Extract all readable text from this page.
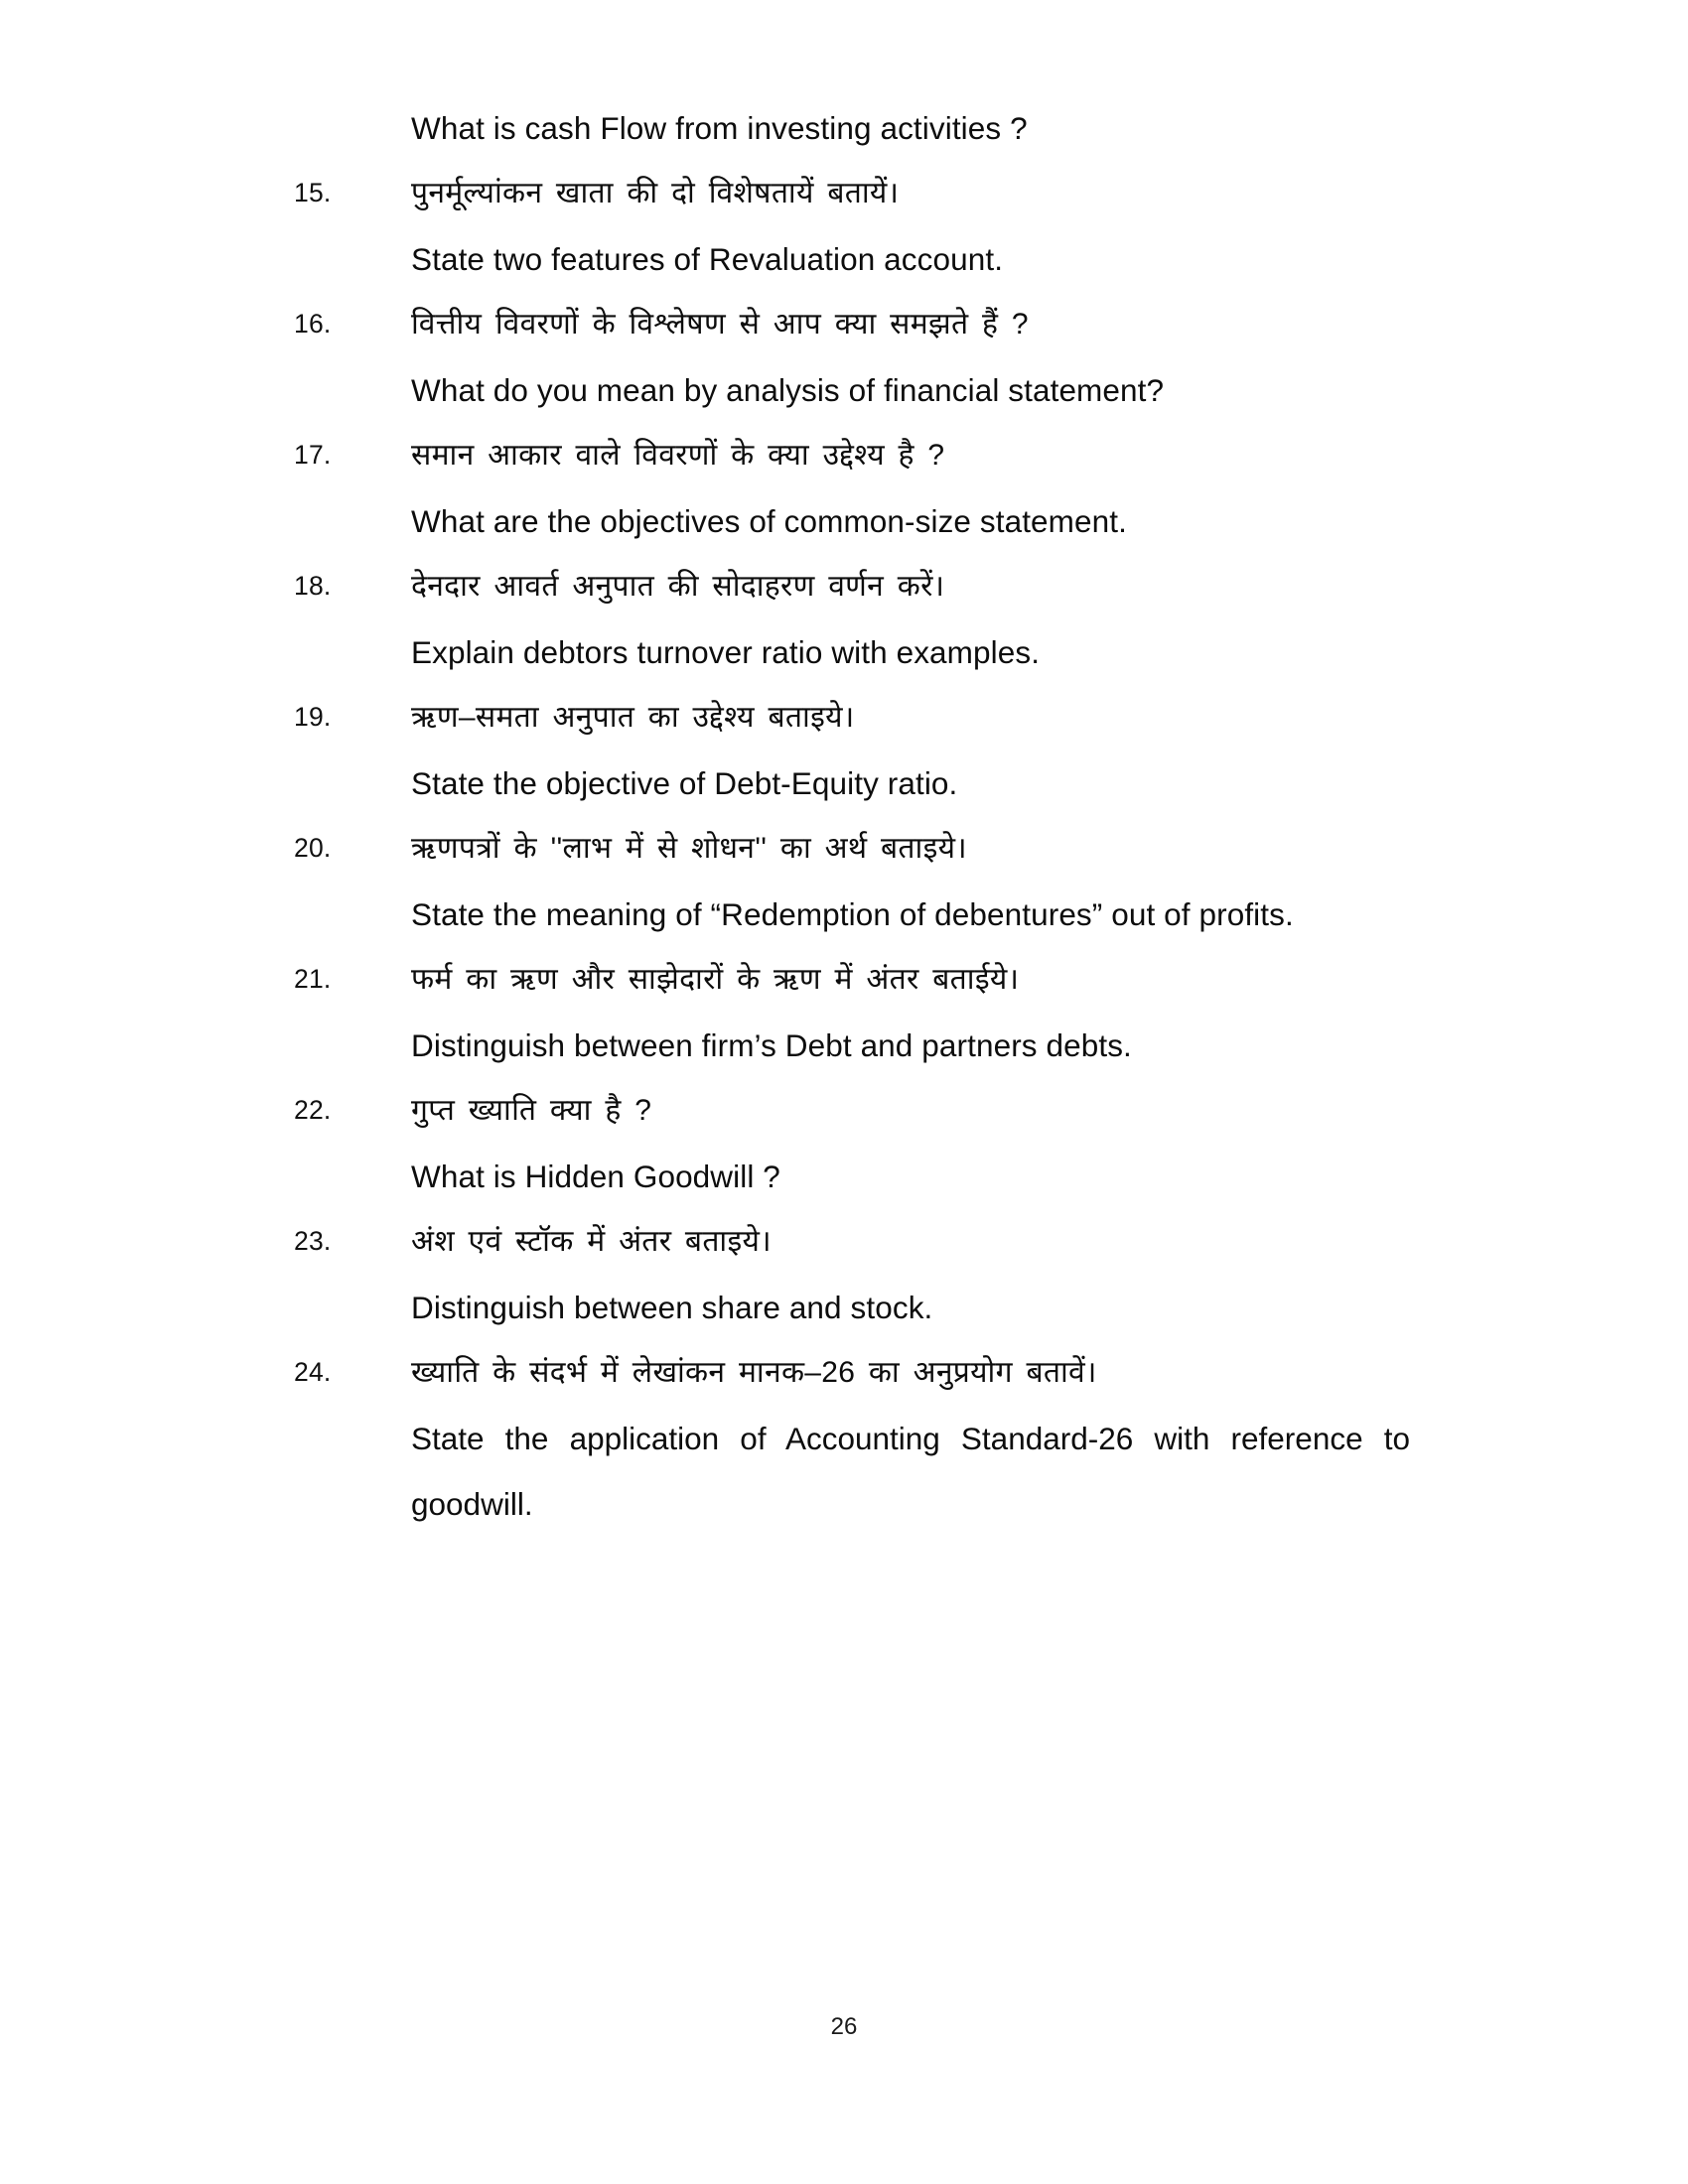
What is cash Flow from investing activities ?
15.	पुनर्मूल्यांकन खाता की दो विशेषतायें बतायें।
State two features of Revaluation account.
16.	वित्तीय विवरणों के विश्लेषण से आप क्या समझते हैं ?
What do you mean by analysis of financial statement?
17.	समान आकार वाले विवरणों के क्या उद्देश्य है ?
What are the objectives of common-size statement.
18.	देनदार आवर्त अनुपात की सोदाहरण वर्णन करें।
Explain debtors turnover ratio with examples.
19.	ऋण–समता अनुपात का उद्देश्य बताइये।
State the objective of Debt-Equity ratio.
20.	ऋणपत्रों के ''लाभ में से शोधन'' का अर्थ बताइये।
State the meaning of “Redemption of debentures” out of profits.
21.	फर्म का ऋण और साझेदारों के ऋण में अंतर बताईये।
Distinguish between firm’s Debt and partners debts.
22.	गुप्त ख्याति क्या है ?
What is Hidden Goodwill ?
23.	अंश एवं स्टॉक में अंतर बताइये।
Distinguish between share and stock.
24.	ख्याति के संदर्भ में लेखांकन मानक–26 का अनुप्रयोग बतावें।
State the application of Accounting Standard-26 with reference to goodwill.
26
